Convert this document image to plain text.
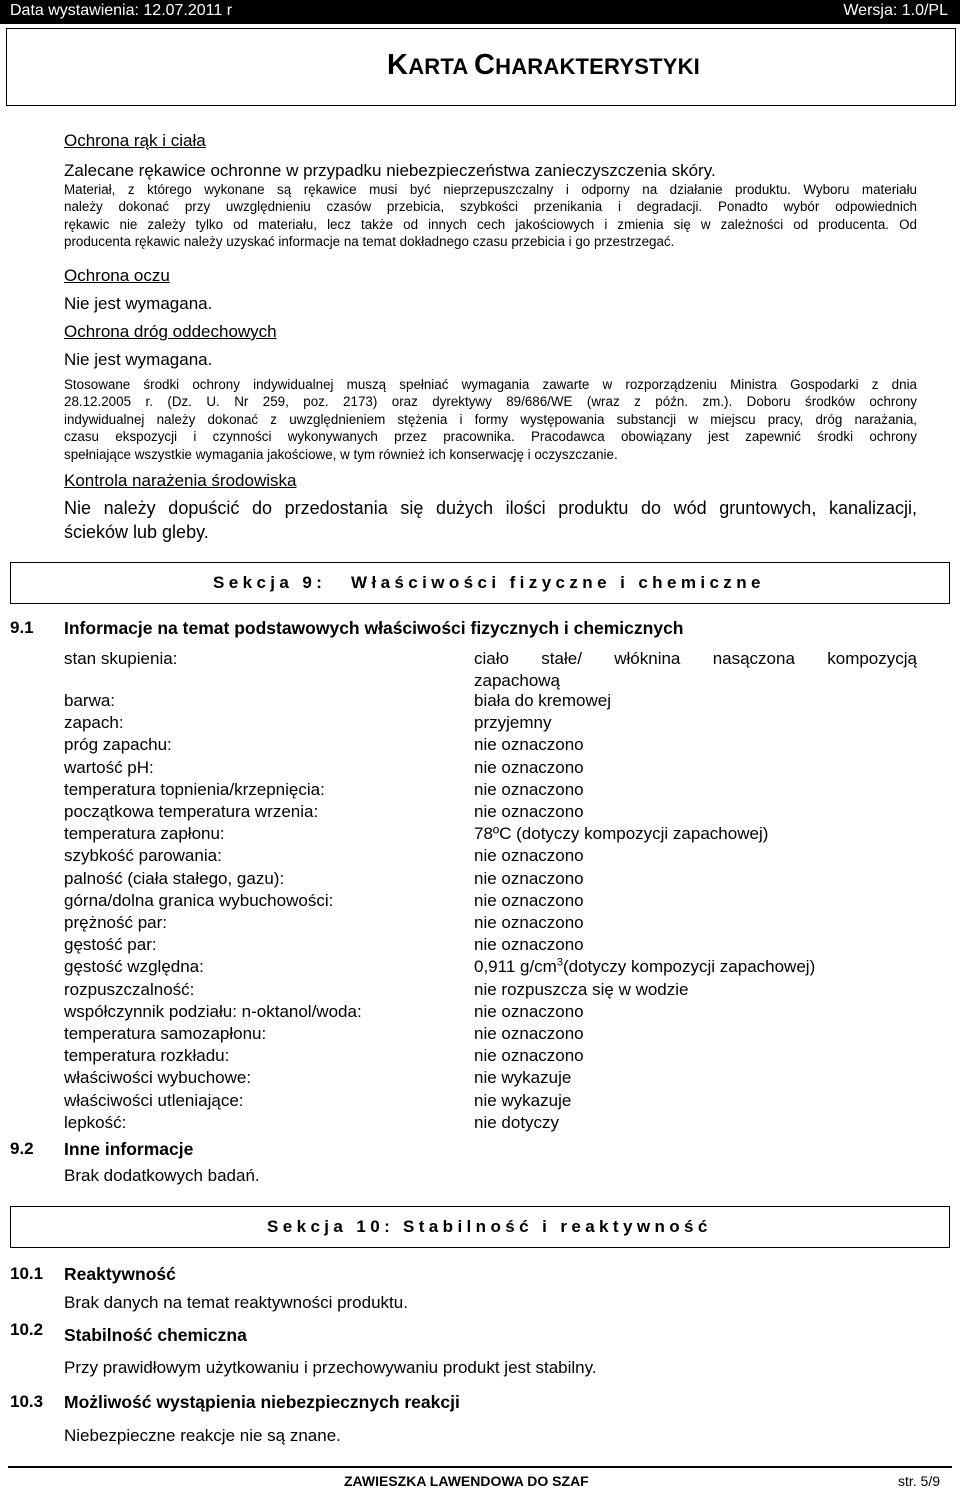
Data wystawienia: 12.07.2011 r	Wersja: 1.0/PL
KARTA CHARAKTERYSTYKI
Ochrona rąk i ciała
Zalecane rękawice ochronne w przypadku niebezpieczeństwa zanieczyszczenia skóry.
Materiał, z którego wykonane są rękawice musi być nieprzepuszczalny i odporny na działanie produktu. Wyboru materiału
należy dokonać przy uwzględnieniu czasów przebicia, szybkości przenikania i degradacji. Ponadto wybór odpowiednich
rękawic nie zależy tylko od materiału, lecz także od innych cech jakościowych i zmienia się w zależności od producenta. Od
producenta rękawic należy uzyskać informacje na temat dokładnego czasu przebicia i go przestrzegać.
Ochrona oczu
Nie jest wymagana.
Ochrona dróg oddechowych
Nie jest wymagana.
Stosowane środki ochrony indywidualnej muszą spełniać wymagania zawarte w rozporządzeniu Ministra Gospodarki z dnia
28.12.2005 r. (Dz. U. Nr 259, poz. 2173) oraz dyrektywy 89/686/WE (wraz z późn. zm.). Doboru środków ochrony
indywidualnej należy dokonać z uwzględnieniem stężenia i formy występowania substancji w miejscu pracy, dróg narażania,
czasu ekspozycji i czynności wykonywanych przez pracownika. Pracodawca obowiązany jest zapewnić środki ochrony
spełniające wszystkie wymagania jakościowe, w tym również ich konserwację i oczyszczanie.
Kontrola narażenia środowiska
Nie należy dopuścić do przedostania się dużych ilości produktu do wód gruntowych, kanalizacji,
ścieków lub gleby.
Sekcja 9: Właściwości fizyczne i chemiczne
9.1 Informacje na temat podstawowych właściwości fizycznych i chemicznych
stan skupienia:	ciało stałe/ włóknina nasączona kompozycją
zapachową
barwa:	biała do kremowej
zapach:	przyjemny
próg zapachu:	nie oznaczono
wartość pH:	nie oznaczono
temperatura topnienia/krzepnięcia:	nie oznaczono
początkowa temperatura wrzenia:	nie oznaczono
temperatura zapłonu:	78ºC (dotyczy kompozycji zapachowej)
szybkość parowania:	nie oznaczono
palność (ciała stałego, gazu):	nie oznaczono
górna/dolna granica wybuchowości:	nie oznaczono
prężność par:	nie oznaczono
gęstość par:	nie oznaczono
gęstość względna:	0,911 $g/cm^3(dotyczy$ kompozycji zapachowej)
rozpuszczalność:	nie rozpuszcza się w wodzie
współczynnik podziału: n-oktanol/woda:	nie oznaczono
temperatura samozapłonu:	nie oznaczono
temperatura rozkładu:	nie oznaczono
właściwości wybuchowe:	nie wykazuje
właściwości utleniające:	nie wykazuje
lepkość:	nie dotyczy
9.2 Inne informacje
Brak dodatkowych badań.
Sekcja 10: Stabilność i reaktywność
10.1 Reaktywność
Brak danych na temat reaktywności produktu.
10.2 Stabilność chemiczna
Przy prawidłowym użytkowaniu i przechowywaniu produkt jest stabilny.
10.3 Możliwość wystąpienia niebezpiecznych reakcji
Niebezpieczne reakcje nie są znane.
ZAWIESZKA LAWENDOWA DO SZAF	str. 5/9
